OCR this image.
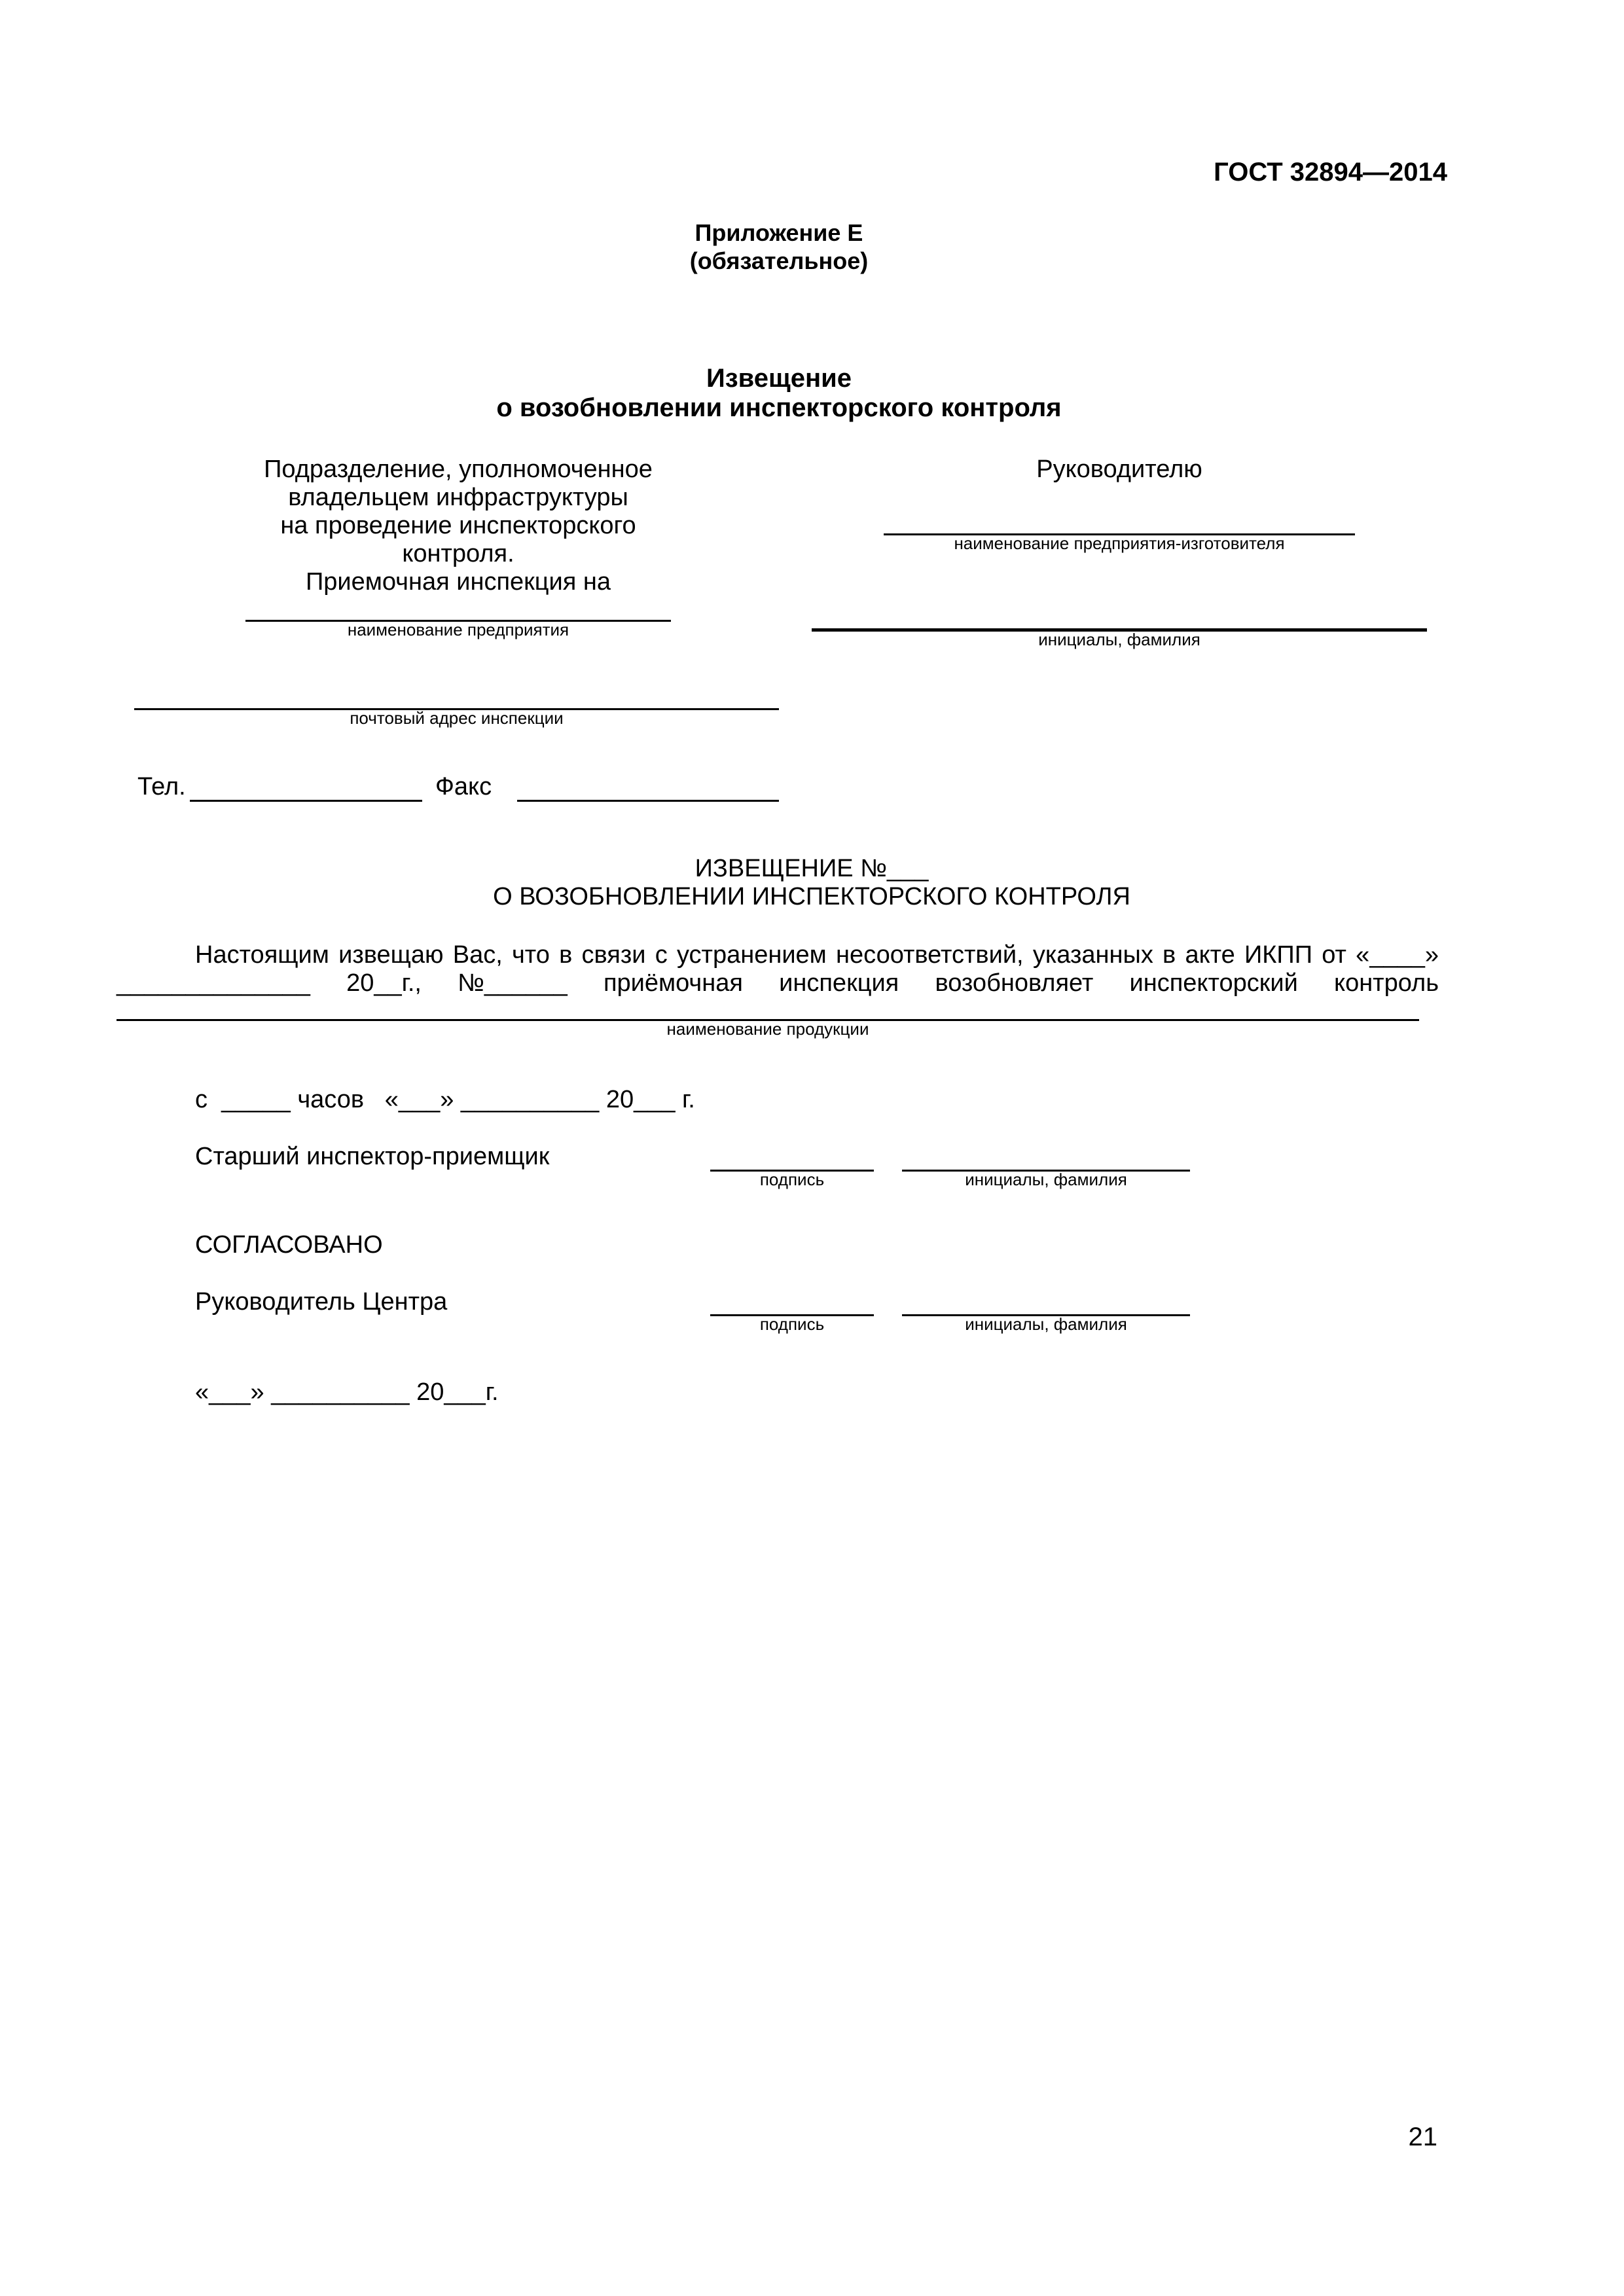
ГОСТ 32894—2014
Приложение Е
(обязательное)
Извещение
о возобновлении инспекторского контроля
Подразделение, уполномоченное
владельцем инфраструктуры
на проведение инспекторского
контроля.
Приемочная инспекция на
наименование предприятия
почтовый адрес инспекции
Тел.	Факс
Руководителю
наименование предприятия-изготовителя
инициалы, фамилия
ИЗВЕЩЕНИЕ №___
О ВОЗОБНОВЛЕНИИ ИНСПЕКТОРСКОГО КОНТРОЛЯ
Настоящим извещаю Вас, что в связи с устранением несоответствий, указанных в акте ИКПП от «____»
______________ 20__г., №______ приёмочная инспекция возобновляет инспекторский контроль
наименование продукции
с  _____ часов   «___» __________ 20___ г.
Старший инспектор-приемщик
подпись	инициалы, фамилия
СОГЛАСОВАНО
Руководитель Центра
подпись	инициалы, фамилия
«___» __________ 20___г.
21
